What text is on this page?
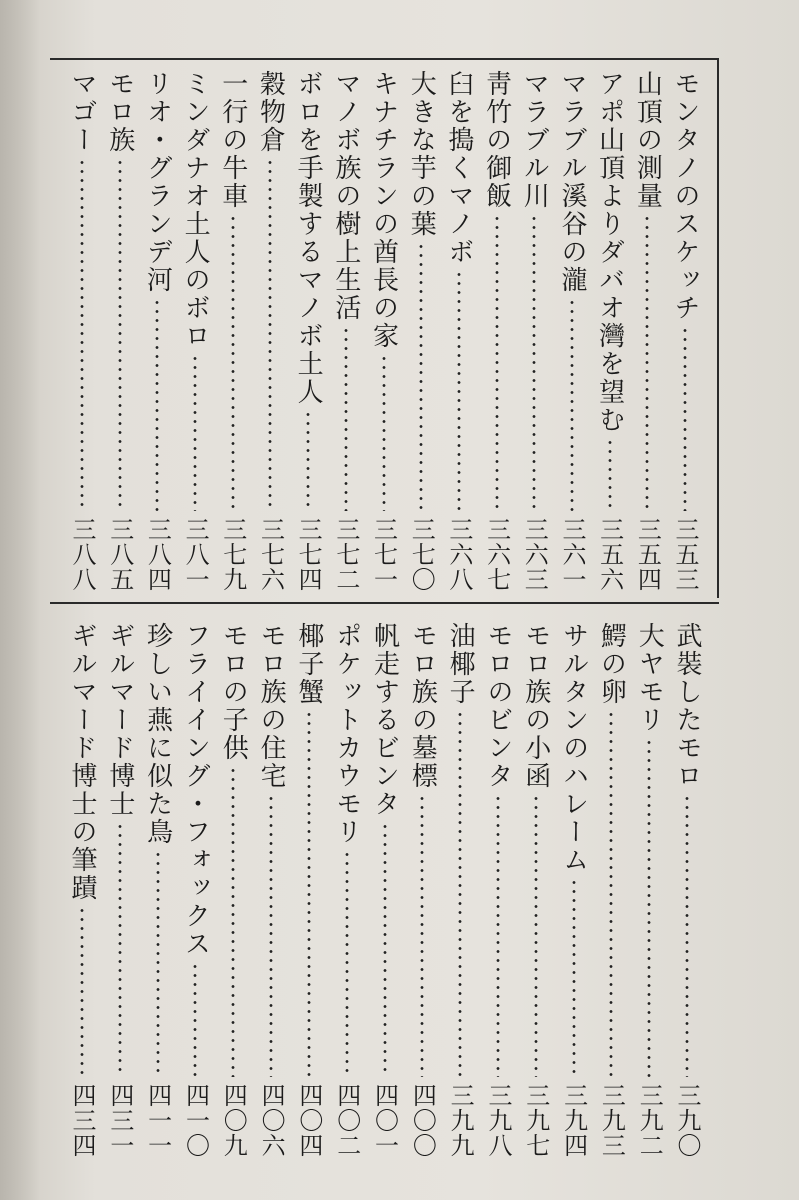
モンタノのスケッチ
三五三
山頂の測量
三五四
アポ山頂よりダバオ灣を望む
三五六
マラブル溪谷の瀧
三六一
マラブル川
三六三
靑竹の御飯
三六七
臼を搗くマノボ
三六八
大きな芋の葉
三七〇
キナチランの酋長の家
三七一
マノボ族の樹上生活
三七二
ボロを手製するマノボ土人
三七四
穀物倉
三七六
一行の牛車
三七九
ミンダナオ土人のボロ
三八一
リオ・グランデ河
三八四
モロ族
三八五
マゴー
三八八
武裝したモロ
三九〇
大ヤモリ
三九二
鰐の卵
三九三
サルタンのハレーム
三九四
モロ族の小函
三九七
モロのビンタ
三九八
油椰子
三九九
モロ族の墓標
四〇〇
帆走するビンタ
四〇一
ポケットカウモリ
四〇二
椰子蟹
四〇四
モロ族の住宅
四〇六
モロの子供
四〇九
フライイング・フォックス
四一〇
珍しい燕に似た鳥
四一一
ギルマード博士
四三一
ギルマード博士の筆蹟
四三四
